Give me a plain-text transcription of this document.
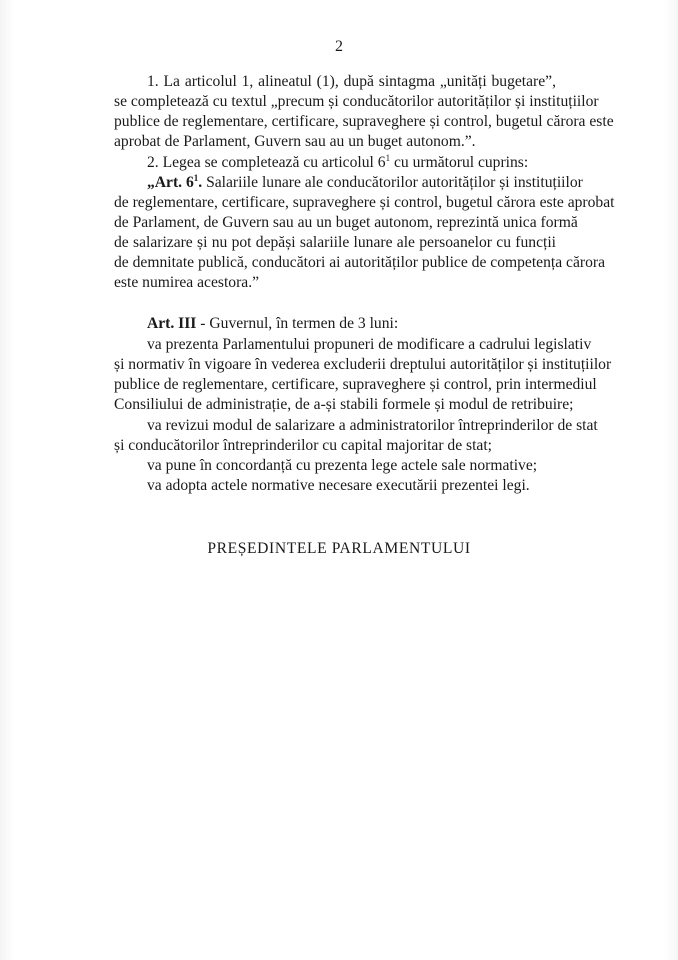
2
1. La articolul 1, alineatul (1), după sintagma „unități bugetare”,
se completează cu textul „precum și conducătorilor autorităților și instituțiilor
publice de reglementare, certificare, supraveghere și control, bugetul cărora este
aprobat de Parlament, Guvern sau au un buget autonom.”.
2. Legea se completează cu articolul $6^1$ cu următorul cuprins:
„Art. $6^1$. Salariile lunare ale conducătorilor autorităților și instituțiilor
de reglementare, certificare, supraveghere și control, bugetul cărora este aprobat
de Parlament, de Guvern sau au un buget autonom, reprezintă unica formă
de salarizare și nu pot depăși salariile lunare ale persoanelor cu funcții
de demnitate publică, conducători ai autorităților publice de competența cărora
este numirea acestora.”
Art. III - Guvernul, în termen de 3 luni:
va prezenta Parlamentului propuneri de modificare a cadrului legislativ
și normativ în vigoare în vederea excluderii dreptului autorităților și instituțiilor
publice de reglementare, certificare, supraveghere și control, prin intermediul
Consiliului de administrație, de a-și stabili formele și modul de retribuire;
va revizui modul de salarizare a administratorilor întreprinderilor de stat
și conducătorilor întreprinderilor cu capital majoritar de stat;
va pune în concordanță cu prezenta lege actele sale normative;
va adopta actele normative necesare executării prezentei legi.
PREȘEDINTELE PARLAMENTULUI
